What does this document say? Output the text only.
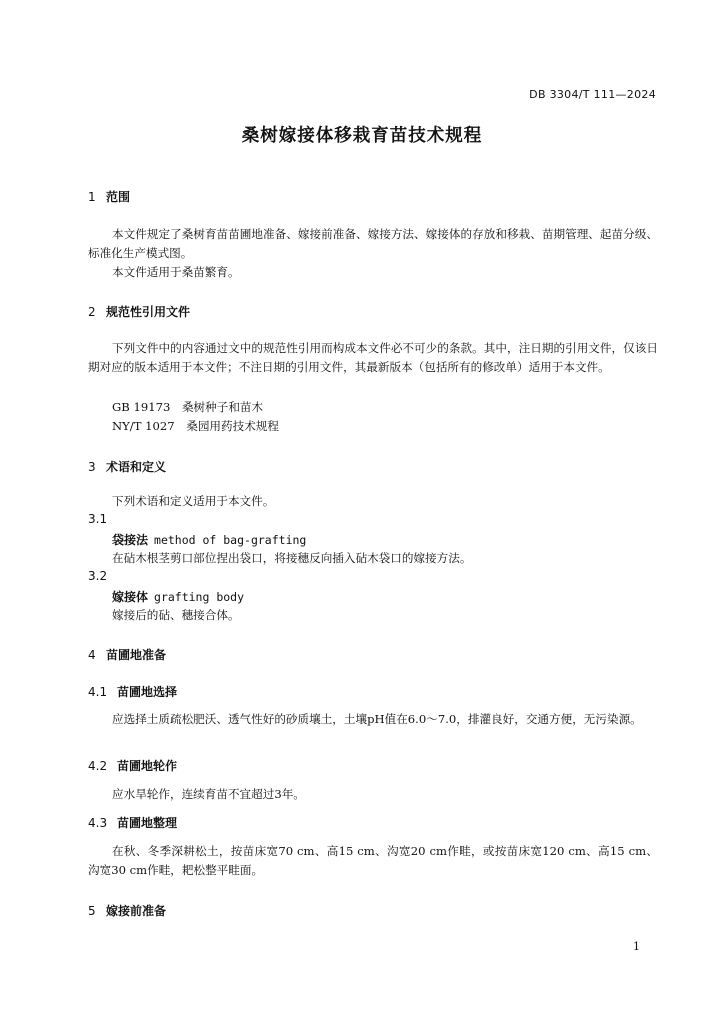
DB 3304/T 111—2024
桑树嫁接体移栽育苗技术规程
1 范围
本文件规定了桑树育苗苗圃地准备、嫁接前准备、嫁接方法、嫁接体的存放和移栽、苗期管理、起苗分级、标准化生产模式图。
本文件适用于桑苗繁育。
2 规范性引用文件
下列文件中的内容通过文中的规范性引用而构成本文件必不可少的条款。其中，注日期的引用文件，仅该日期对应的版本适用于本文件；不注日期的引用文件，其最新版本（包括所有的修改单）适用于本文件。
GB 19173　桑树种子和苗木
NY/T 1027　桑园用药技术规程
3 术语和定义
下列术语和定义适用于本文件。
3.1
袋接法 method of bag-grafting
在砧木根茎剪口部位捏出袋口，将接穗反向插入砧木袋口的嫁接方法。
3.2
嫁接体 grafting body
嫁接后的砧、穗接合体。
4 苗圃地准备
4.1 苗圃地选择
应选择土质疏松肥沃、透气性好的砂质壤土，土壤pH值在6.0～7.0，排灌良好，交通方便，无污染源。
4.2 苗圃地轮作
应水旱轮作，连续育苗不宜超过3年。
4.3 苗圃地整理
在秋、冬季深耕松土，按苗床宽70 cm、高15 cm、沟宽20 cm作畦，或按苗床宽120 cm、高15 cm、沟宽30 cm作畦，耙松整平畦面。
5 嫁接前准备
1
